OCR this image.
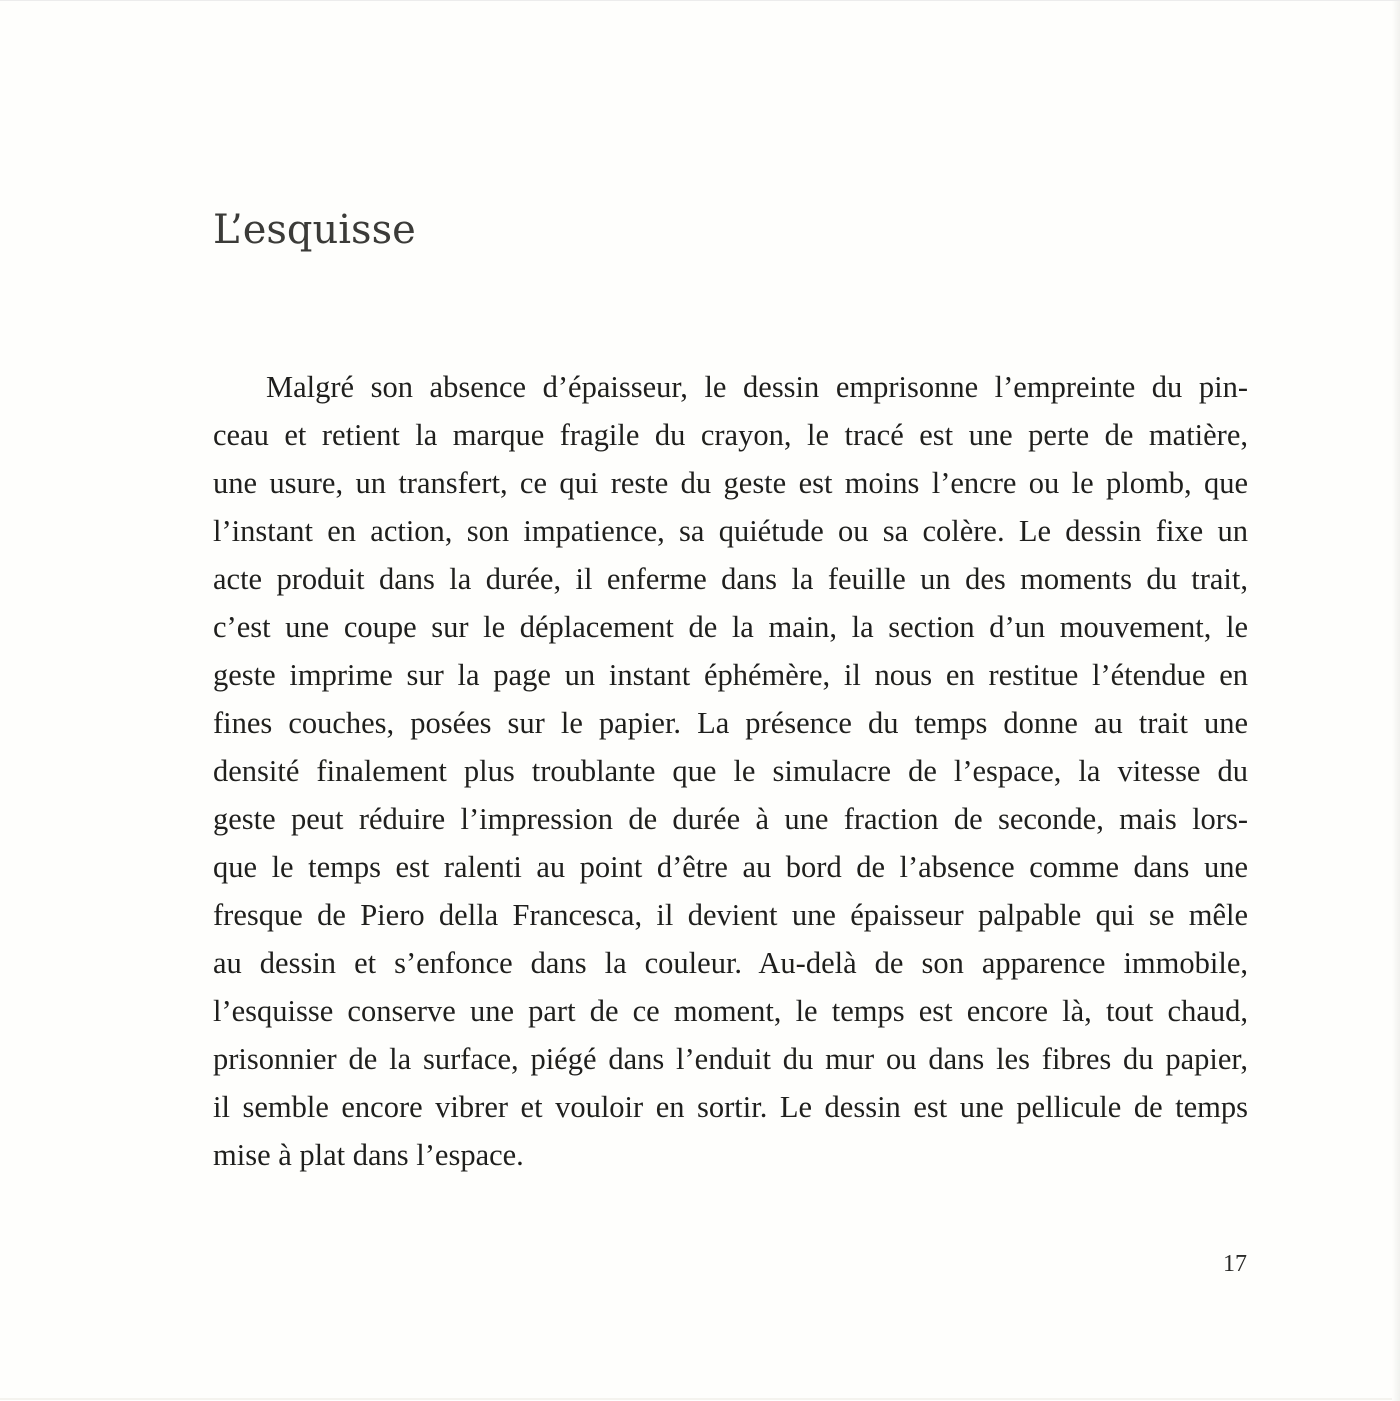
L’esquisse
Malgré son absence d’épaisseur, le dessin emprisonne l’empreinte du pin-
ceau et retient la marque fragile du crayon, le tracé est une perte de matière,
une usure, un transfert, ce qui reste du geste est moins l’encre ou le plomb, que
l’instant en action, son impatience, sa quiétude ou sa colère. Le dessin fixe un
acte produit dans la durée, il enferme dans la feuille un des moments du trait,
c’est une coupe sur le déplacement de la main, la section d’un mouvement, le
geste imprime sur la page un instant éphémère, il nous en restitue l’étendue en
fines couches, posées sur le papier. La présence du temps donne au trait une
densité finalement plus troublante que le simulacre de l’espace, la vitesse du
geste peut réduire l’impression de durée à une fraction de seconde, mais lors-
que le temps est ralenti au point d’être au bord de l’absence comme dans une
fresque de Piero della Francesca, il devient une épaisseur palpable qui se mêle
au dessin et s’enfonce dans la couleur. Au-delà de son apparence immobile,
l’esquisse conserve une part de ce moment, le temps est encore là, tout chaud,
prisonnier de la surface, piégé dans l’enduit du mur ou dans les fibres du papier,
il semble encore vibrer et vouloir en sortir. Le dessin est une pellicule de temps
mise à plat dans l’espace.
17
